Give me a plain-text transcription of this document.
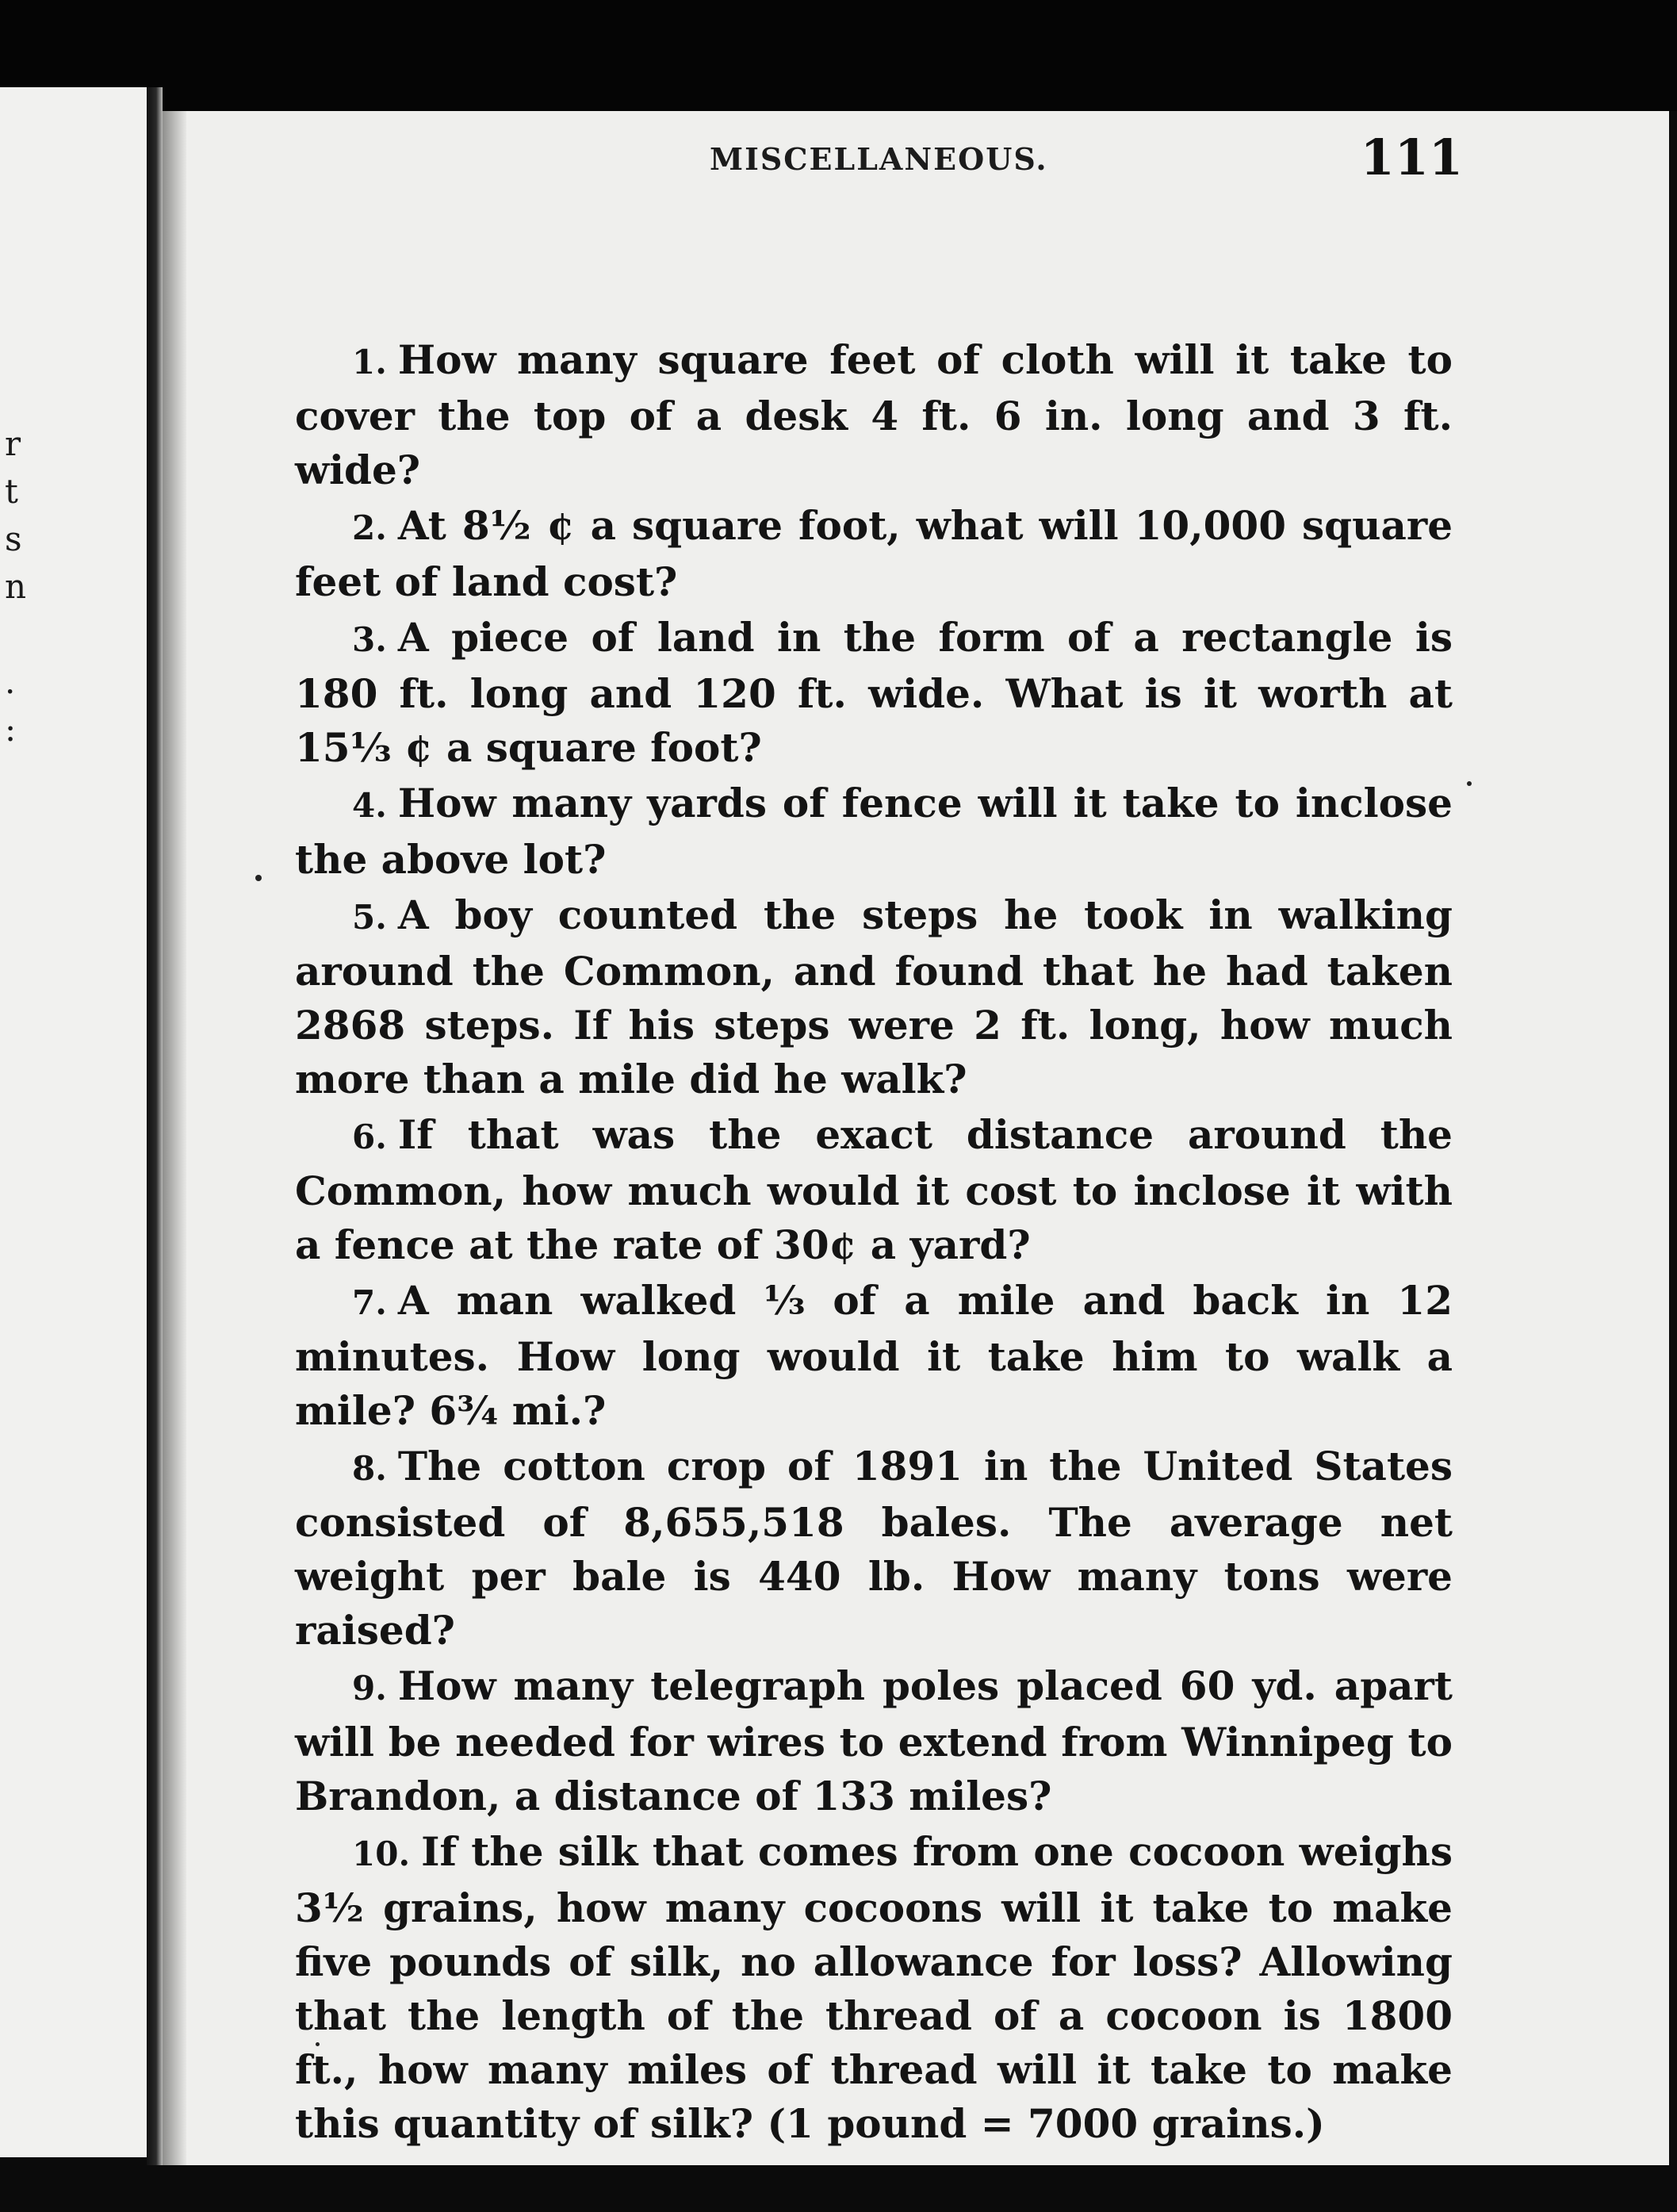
r
t
s
n
.
:
MISCELLANEOUS.	111

1. How many square feet of cloth will it take to cover the top of a desk 4 ft. 6 in. long and 3 ft. wide?

2. At 8½ ¢ a square foot, what will 10,000 square feet of land cost?

3. A piece of land in the form of a rectangle is 180 ft. long and 120 ft. wide. What is it worth at 15⅓ ¢ a square foot?

4. How many yards of fence will it take to inclose the above lot?

5. A boy counted the steps he took in walking around the Common, and found that he had taken 2868 steps. If his steps were 2 ft. long, how much more than a mile did he walk?

6. If that was the exact distance around the Common, how much would it cost to inclose it with a fence at the rate of 30¢ a yard?

7. A man walked ⅓ of a mile and back in 12 minutes. How long would it take him to walk a mile? 6¾ mi.?

8. The cotton crop of 1891 in the United States consisted of 8,655,518 bales. The average net weight per bale is 440 lb. How many tons were raised?

9. How many telegraph poles placed 60 yd. apart will be needed for wires to extend from Winnipeg to Brandon, a distance of 133 miles?

10. If the silk that comes from one cocoon weighs 3½ grains, how many cocoons will it take to make five pounds of silk, no allowance for loss? Allowing that the length of the thread of a cocoon is 1800 ft., how many miles of thread will it take to make this quantity of silk? (1 pound = 7000 grains.)
